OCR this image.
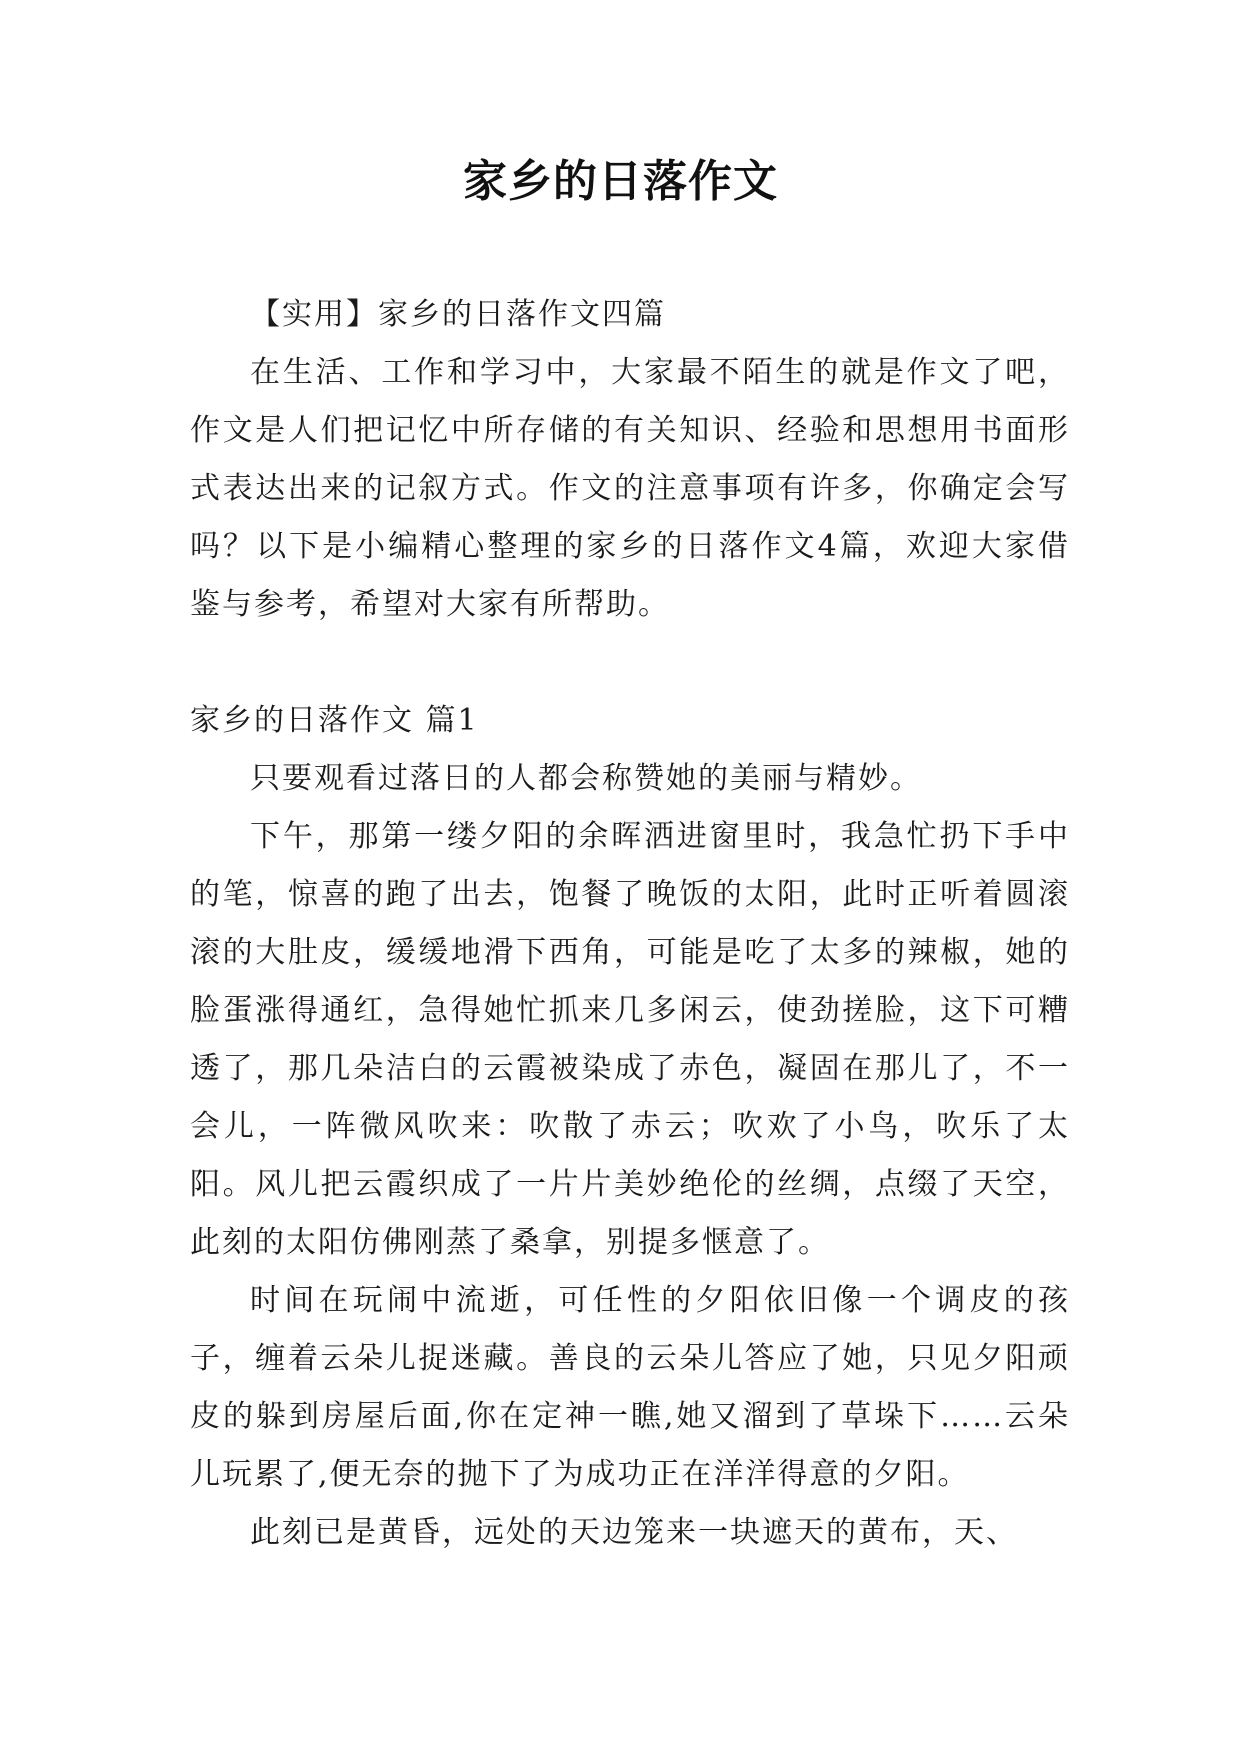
家乡的日落作文

【实用】家乡的日落作文四篇

在生活、工作和学习中，大家最不陌生的就是作文了吧，作文是人们把记忆中所存储的有关知识、经验和思想用书面形式表达出来的记叙方式。作文的注意事项有许多，你确定会写吗？以下是小编精心整理的家乡的日落作文4篇，欢迎大家借鉴与参考，希望对大家有所帮助。

家乡的日落作文 篇1

只要观看过落日的人都会称赞她的美丽与精妙。

下午，那第一缕夕阳的余晖洒进窗里时，我急忙扔下手中的笔，惊喜的跑了出去，饱餐了晚饭的太阳，此时正听着圆滚滚的大肚皮，缓缓地滑下西角，可能是吃了太多的辣椒，她的脸蛋涨得通红，急得她忙抓来几多闲云，使劲搓脸，这下可糟透了，那几朵洁白的云霞被染成了赤色，凝固在那儿了，不一会儿，一阵微风吹来：吹散了赤云；吹欢了小鸟，吹乐了太阳。风儿把云霞织成了一片片美妙绝伦的丝绸，点缀了天空，此刻的太阳仿佛刚蒸了桑拿，别提多惬意了。

时间在玩闹中流逝，可任性的夕阳依旧像一个调皮的孩子，缠着云朵儿捉迷藏。善良的云朵儿答应了她，只见夕阳顽皮的躲到房屋后面,你在定神一瞧,她又溜到了草垛下……云朵儿玩累了,便无奈的抛下了为成功正在洋洋得意的夕阳。

此刻已是黄昏，远处的天边笼来一块遮天的黄布，天、
